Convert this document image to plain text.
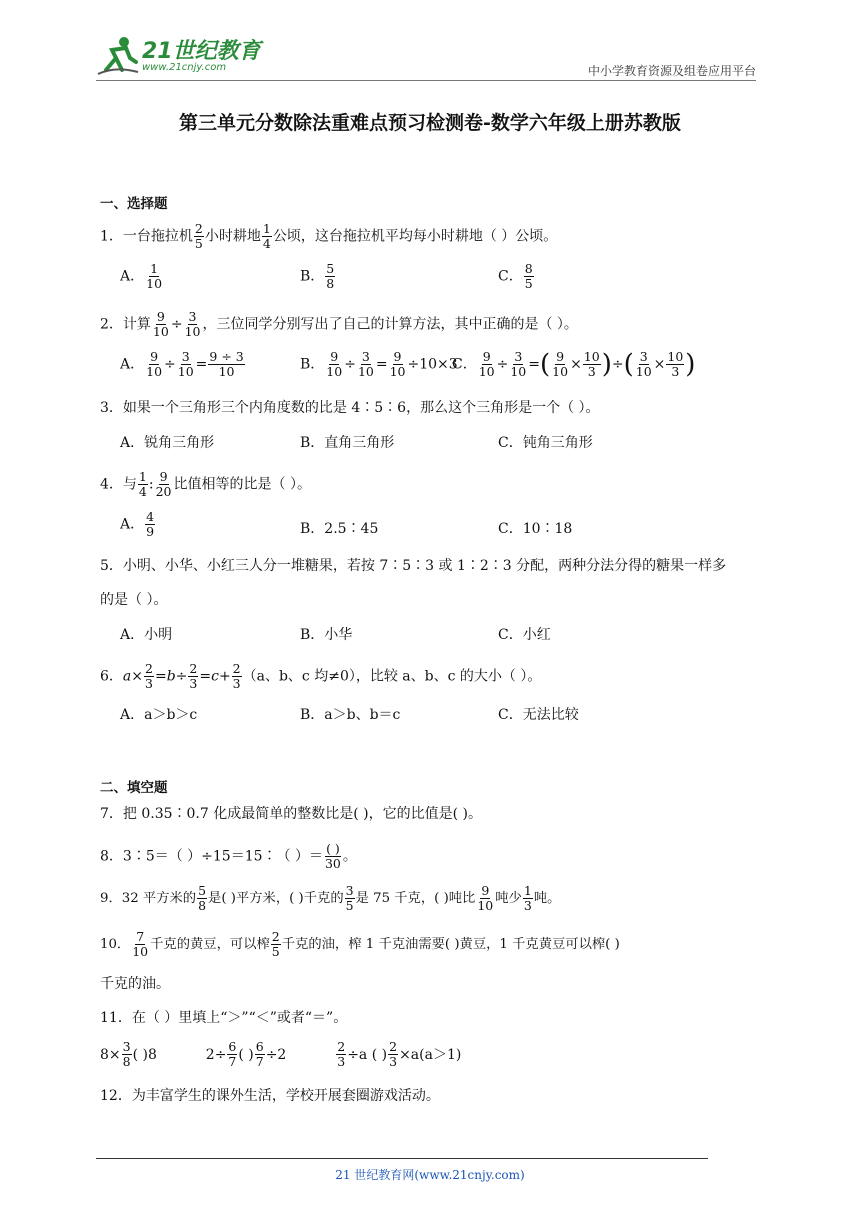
21世纪教育
www.21cnjy.com	中小学教育资源及组卷应用平台
第三单元分数除法重难点预习检测卷-数学六年级上册苏教版
一、选择题
1．一台拖拉机 $\frac{2}{5}$ 小时耕地 $\frac{1}{4}$ 公顷，这台拖拉机平均每小时耕地（ ）公顷。
A． $\frac{1}{10}$	B． $\frac{5}{8}$	C． $\frac{8}{5}$
2．计算 $\frac{9}{10} \div \frac{3}{10}$ ，三位同学分别写出了自己的计算方法，其中正确的是（ ）。
A． $\frac{9}{10} \div \frac{3}{10} = \frac{9 \div 3}{10}$	B． $\frac{9}{10} \div \frac{3}{10} = \frac{9}{10} \div 10\times 3$
C． $\frac{9}{10} \div \frac{3}{10}$ =( $\frac{9}{10} \times \frac{10}{3}$ )÷( $\frac{3}{10} \times \frac{10}{3}$ )
3．如果一个三角形三个内角度数的比是 4∶5∶6，那么这个三角形是一个（ ）。
A．锐角三角形	B．直角三角形	C．钝角三角形
4．与 $\frac{1}{4}$ : $\frac{9}{20}$ 比值相等的比是（ ）。
A． $\frac{4}{9}$	B．2.5∶45	C．10∶18
5．小明、小华、小红三人分一堆糖果，若按 7∶5∶3 或 1∶2∶3 分配，两种分法分得的糖果一样多
的是（ ）。
A．小明	B．小华	C．小红
6．$a\times \frac{2}{3} =b\div \frac{2}{3} =c+ \frac{2}{3} (a$、b、c 均≠0），比较 a、b、c 的大小（ ）。
A．a＞b＞c	B．a＞b、b＝c	C．无法比较
二、填空题
7．把 0.35∶0.7 化成最简单的整数比是( )，它的比值是( )。
8．3∶5＝（ ）÷15＝15∶（ ）＝ $\frac{( )}{30}$ 。
9．32 平方米的 $\frac{5}{8}$ 是( )平方米，( )千克的 $\frac{3}{5}$ 是 75 千克，( )吨比 $\frac{9}{10}$ 吨少 $\frac{1}{3}$ 吨。
10． $\frac{7}{10}$ 千克的黄豆，可以榨 $\frac{2}{5}$ 千克的油，榨 1 千克油需要( )黄豆，1 千克黄豆可以榨( )
千克的油。
11．在（ ）里填上“＞”“＜”或者“＝”。
$8\times \frac{3}{8}$ ( )8	$2\div \frac{6}{7}$ ( ) $\frac{6}{7} \div 2$	$\frac{2}{3} \div a$ ( ) $\frac{2}{3} \times a(a>1)$
12．为丰富学生的课外生活，学校开展套圈游戏活动。
21 世纪教育网(www.21cnjy.com)
